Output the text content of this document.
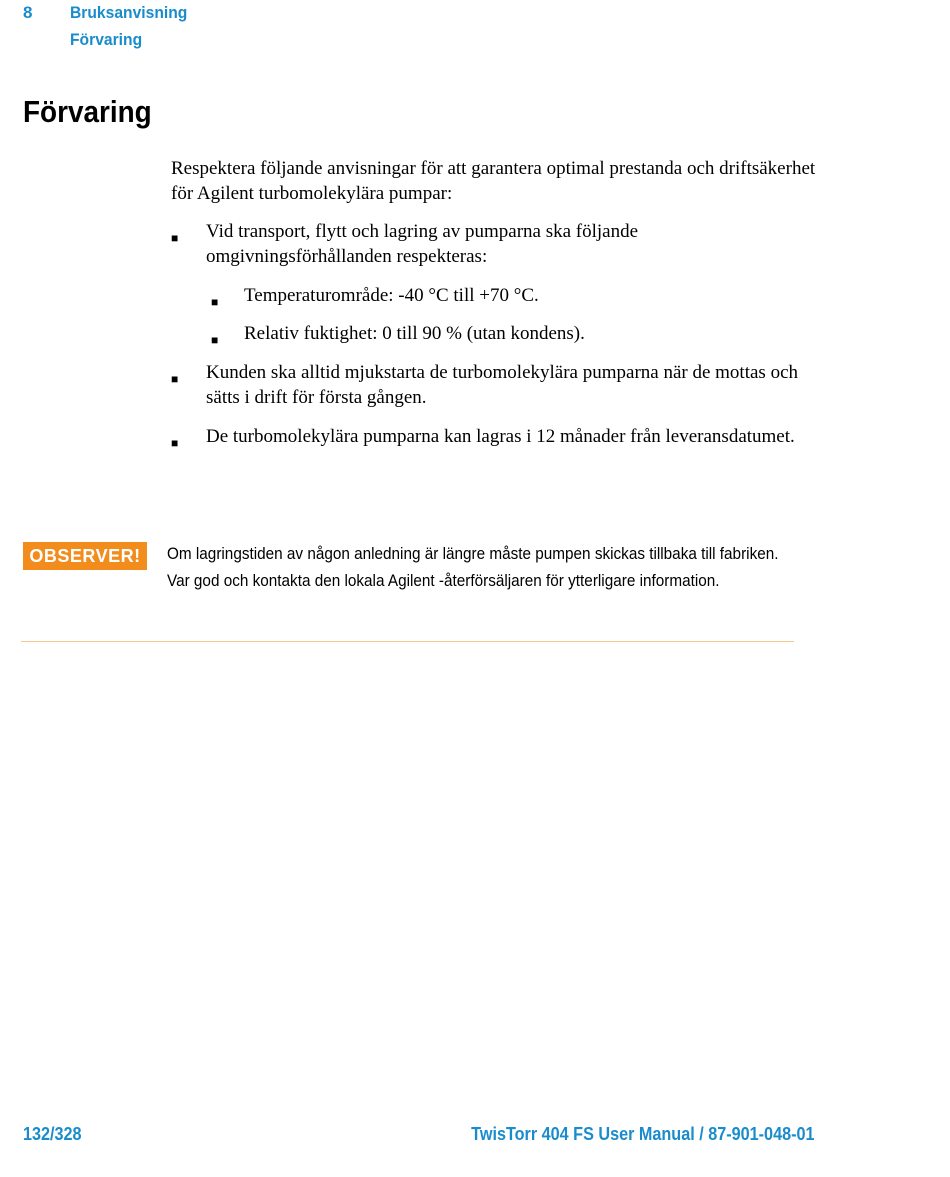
8 Bruksanvisning
Förvaring
Förvaring
Respektera följande anvisningar för att garantera optimal prestanda och driftsäkerhet för Agilent turbomolekylära pumpar:
■ Vid transport, flytt och lagring av pumparna ska följande omgivningsförhållanden respekteras:
■ Temperaturområde: -40 °C till +70 °C.
■ Relativ fuktighet: 0 till 90 % (utan kondens).
■ Kunden ska alltid mjukstarta de turbomolekylära pumparna när de mottas och sätts i drift för första gången.
■ De turbomolekylära pumparna kan lagras i 12 månader från leveransdatumet.
OBSERVER!	Om lagringstiden av någon anledning är längre måste pumpen skickas tillbaka till fabriken. Var god och kontakta den lokala Agilent -återförsäljaren för ytterligare information.
132/328	TwisTorr 404 FS User Manual / 87-901-048-01
